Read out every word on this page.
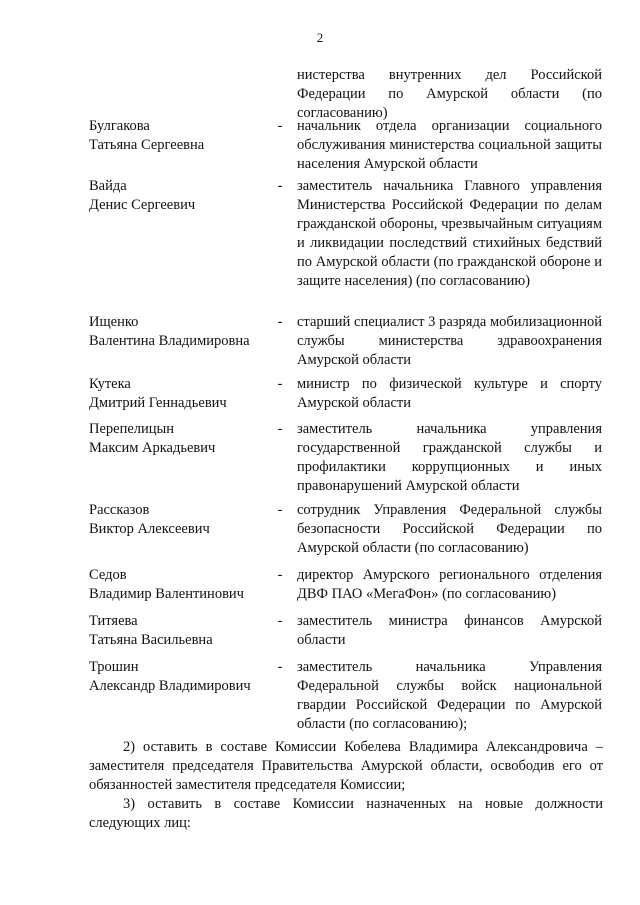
2
нистерства внутренних дел Российской Федерации по Амурской области (по согласованию)
Булгакова
Татьяна Сергеевна
-	начальник отдела организации социального обслуживания министерства социальной защиты населения Амурской области
Вайда
Денис Сергеевич
-	заместитель начальника Главного управления Министерства Российской Федерации по делам гражданской обороны, чрезвычайным ситуациям и ликвидации последствий стихийных бедствий по Амурской области (по гражданской обороне и защите населения) (по согласованию)
Ищенко
Валентина Владимировна
-	старший специалист 3 разряда мобилизационной службы министерства здравоохранения Амурской области
Кутека
Дмитрий Геннадьевич
-	министр по физической культуре и спорту Амурской области
Перепелицын
Максим Аркадьевич
-	заместитель начальника управления государственной гражданской службы и профилактики коррупционных и иных правонарушений Амурской области
Рассказов
Виктор Алексеевич
-	сотрудник Управления Федеральной службы безопасности Российской Федерации по Амурской области (по согласованию)
Седов
Владимир Валентинович
-	директор Амурского регионального отделения ДВФ ПАО «МегаФон» (по согласованию)
Титяева
Татьяна Васильевна
-	заместитель министра финансов Амурской области
Трошин
Александр Владимирович
-	заместитель начальника Управления Федеральной службы войск национальной гвардии Российской Федерации по Амурской области (по согласованию);
2) оставить в составе Комиссии Кобелева Владимира Александровича – заместителя председателя Правительства Амурской области, освободив его от обязанностей заместителя председателя Комиссии;
3) оставить в составе Комиссии назначенных на новые должности следующих лиц:
